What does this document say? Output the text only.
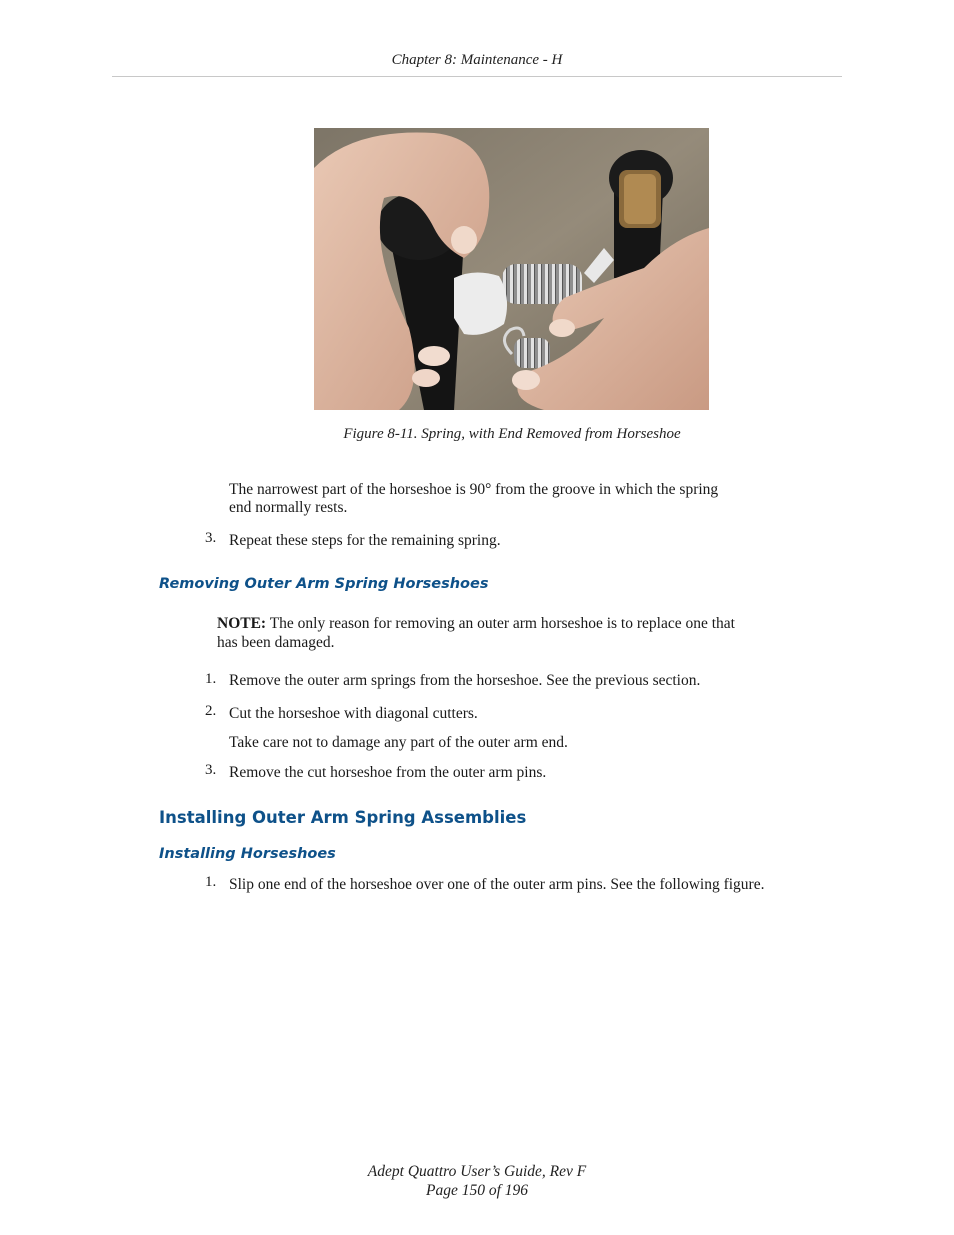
Chapter 8: Maintenance - H
Figure 8-11. Spring, with End Removed from Horseshoe
The narrowest part of the horseshoe is 90° from the groove in which the spring
end normally rests.
3. Repeat these steps for the remaining spring.
Removing Outer Arm Spring Horseshoes
NOTE: The only reason for removing an outer arm horseshoe is to replace one that
has been damaged.
1. Remove the outer arm springs from the horseshoe. See the previous section.
2. Cut the horseshoe with diagonal cutters.
Take care not to damage any part of the outer arm end.
3. Remove the cut horseshoe from the outer arm pins.
Installing Outer Arm Spring Assemblies
Installing Horseshoes
1. Slip one end of the horseshoe over one of the outer arm pins. See the following figure.
Adept Quattro User’s Guide, Rev F
Page 150 of 196
